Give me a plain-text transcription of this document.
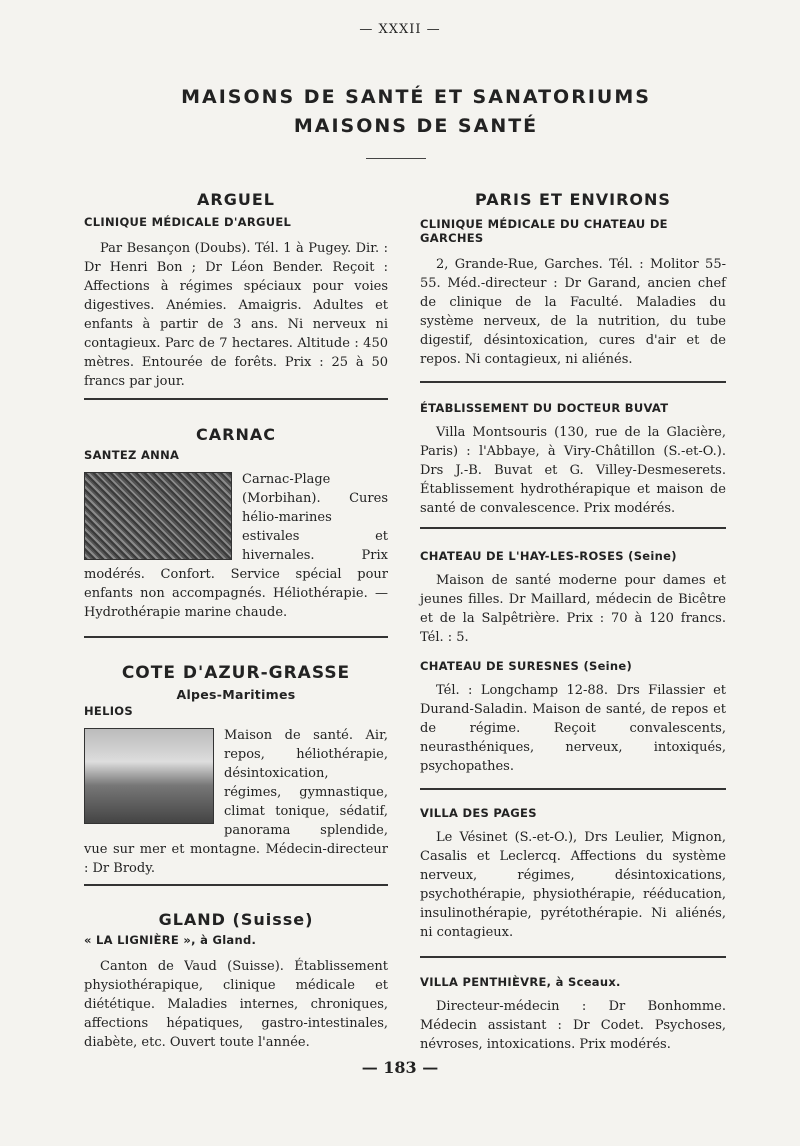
— XXXII —
MAISONS DE SANTÉ ET SANATORIUMS
MAISONS DE SANTÉ
ARGUEL
CLINIQUE MÉDICALE D'ARGUEL
Par Besançon (Doubs). Tél. 1 à Pugey. Dir. : Dr Henri Bon ; Dr Léon Bender. Reçoit : Affections à régimes spéciaux pour voies digestives. Anémies. Amaigris. Adultes et enfants à partir de 3 ans. Ni nerveux ni contagieux. Parc de 7 hectares. Altitude : 450 mètres. Entourée de forêts. Prix : 25 à 50 francs par jour.
CARNAC
SANTEZ ANNA
Carnac-Plage (Morbihan). Cures hélio-marines estivales et hivernales. Prix modérés. Confort. Service spécial pour enfants non accompagnés. Héliothérapie. — Hydrothérapie marine chaude.
COTE D'AZUR-GRASSE
Alpes-Maritimes
HELIOS
Maison de santé. Air, repos, héliothérapie, désintoxication, régimes, gymnastique, climat tonique, sédatif, panorama splendide, vue sur mer et montagne. Médecin-directeur : Dr Brody.
GLAND (Suisse)
« LA LIGNIÈRE », à Gland.
Canton de Vaud (Suisse). Établissement physiothérapique, clinique médicale et diététique. Maladies internes, chroniques, affections hépatiques, gastro-intestinales, diabète, etc. Ouvert toute l'année.
PARIS ET ENVIRONS
CLINIQUE MÉDICALE DU CHATEAU DE GARCHES
2, Grande-Rue, Garches. Tél. : Molitor 55-55. Méd.-directeur : Dr Garand, ancien chef de clinique de la Faculté. Maladies du système nerveux, de la nutrition, du tube digestif, désintoxication, cures d'air et de repos. Ni contagieux, ni aliénés.
ÉTABLISSEMENT DU DOCTEUR BUVAT
Villa Montsouris (130, rue de la Glacière, Paris) : l'Abbaye, à Viry-Châtillon (S.-et-O.). Drs J.-B. Buvat et G. Villey-Desmeserets. Établissement hydrothérapique et maison de santé de convalescence. Prix modérés.
CHATEAU DE L'HAY-LES-ROSES (Seine)
Maison de santé moderne pour dames et jeunes filles. Dr Maillard, médecin de Bicêtre et de la Salpêtrière. Prix : 70 à 120 francs. Tél. : 5.
CHATEAU DE SURESNES (Seine)
Tél. : Longchamp 12-88. Drs Filassier et Durand-Saladin. Maison de santé, de repos et de régime. Reçoit convalescents, neurasthéniques, nerveux, intoxiqués, psychopathes.
VILLA DES PAGES
Le Vésinet (S.-et-O.), Drs Leulier, Mignon, Casalis et Leclercq. Affections du système nerveux, régimes, désintoxications, psychothérapie, physiothérapie, rééducation, insulinothérapie, pyrétothérapie. Ni aliénés, ni contagieux.
VILLA PENTHIÈVRE, à Sceaux.
Directeur-médecin : Dr Bonhomme. Médecin assistant : Dr Codet. Psychoses, névroses, intoxications. Prix modérés.
— 183 —
